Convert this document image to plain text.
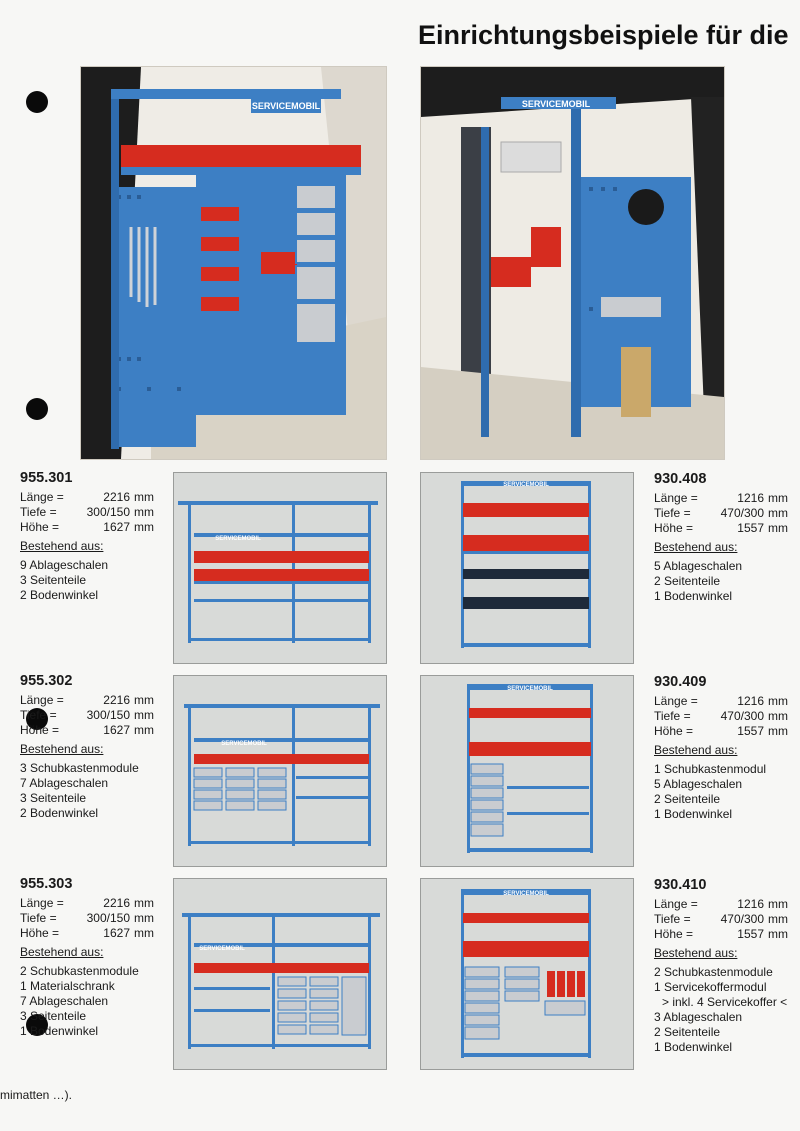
Einrichtungsbeispiele für die
SERVICEMOBIL	SERVICEMOBIL
SERVICEMOBIL
SERVICEMOBIL
SERVICEMOBIL
SERVICEMOBIL
SERVICEMOBIL
SERVICEMOBIL
955.301
Länge =	2216 mm
Tiefe =	300/150 mm
Höhe =	1627 mm
Bestehend aus:
9 Ablageschalen
3 Seitenteile
2 Bodenwinkel
955.302
Länge =	2216 mm
Tiefe =	300/150 mm
Höhe =	1627 mm
Bestehend aus:
3 Schubkastenmodule
7 Ablageschalen
3 Seitenteile
2 Bodenwinkel
955.303
Länge =	2216 mm
Tiefe =	300/150 mm
Höhe =	1627 mm
Bestehend aus:
2 Schubkastenmodule
1 Materialschrank
7 Ablageschalen
3 Seitenteile
1 Bodenwinkel
930.408
Länge =	1216 mm
Tiefe =	470/300 mm
Höhe =	1557 mm
Bestehend aus:
5 Ablageschalen
2 Seitenteile
1 Bodenwinkel
930.409
Länge =	1216 mm
Tiefe =	470/300 mm
Höhe =	1557 mm
Bestehend aus:
1 Schubkastenmodul
5 Ablageschalen
2 Seitenteile
1 Bodenwinkel
930.410
Länge =	1216 mm
Tiefe =	470/300 mm
Höhe =	1557 mm
Bestehend aus:
2 Schubkastenmodule
1 Servicekoffermodul
> inkl. 4 Servicekoffer <
3 Ablageschalen
2 Seitenteile
1 Bodenwinkel
mimatten …).
